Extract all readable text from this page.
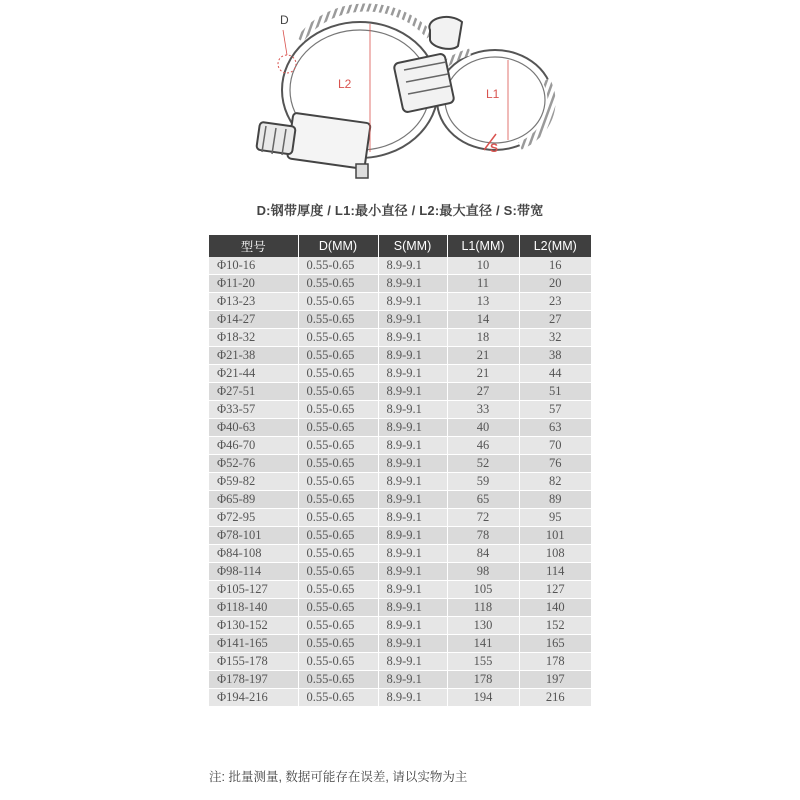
D
L2
L1
S
D:钢带厚度 / L1:最小直径 / L2:最大直径 / S:带宽
型号	D(MM)	S(MM)	L1(MM)	L2(MM)
Φ10-16	0.55-0.65	8.9-9.1	10	16
Φ11-20	0.55-0.65	8.9-9.1	11	20
Φ13-23	0.55-0.65	8.9-9.1	13	23
Φ14-27	0.55-0.65	8.9-9.1	14	27
Φ18-32	0.55-0.65	8.9-9.1	18	32
Φ21-38	0.55-0.65	8.9-9.1	21	38
Φ21-44	0.55-0.65	8.9-9.1	21	44
Φ27-51	0.55-0.65	8.9-9.1	27	51
Φ33-57	0.55-0.65	8.9-9.1	33	57
Φ40-63	0.55-0.65	8.9-9.1	40	63
Φ46-70	0.55-0.65	8.9-9.1	46	70
Φ52-76	0.55-0.65	8.9-9.1	52	76
Φ59-82	0.55-0.65	8.9-9.1	59	82
Φ65-89	0.55-0.65	8.9-9.1	65	89
Φ72-95	0.55-0.65	8.9-9.1	72	95
Φ78-101	0.55-0.65	8.9-9.1	78	101
Φ84-108	0.55-0.65	8.9-9.1	84	108
Φ98-114	0.55-0.65	8.9-9.1	98	114
Φ105-127	0.55-0.65	8.9-9.1	105	127
Φ118-140	0.55-0.65	8.9-9.1	118	140
Φ130-152	0.55-0.65	8.9-9.1	130	152
Φ141-165	0.55-0.65	8.9-9.1	141	165
Φ155-178	0.55-0.65	8.9-9.1	155	178
Φ178-197	0.55-0.65	8.9-9.1	178	197
Φ194-216	0.55-0.65	8.9-9.1	194	216
注: 批量测量, 数据可能存在误差, 请以实物为主
